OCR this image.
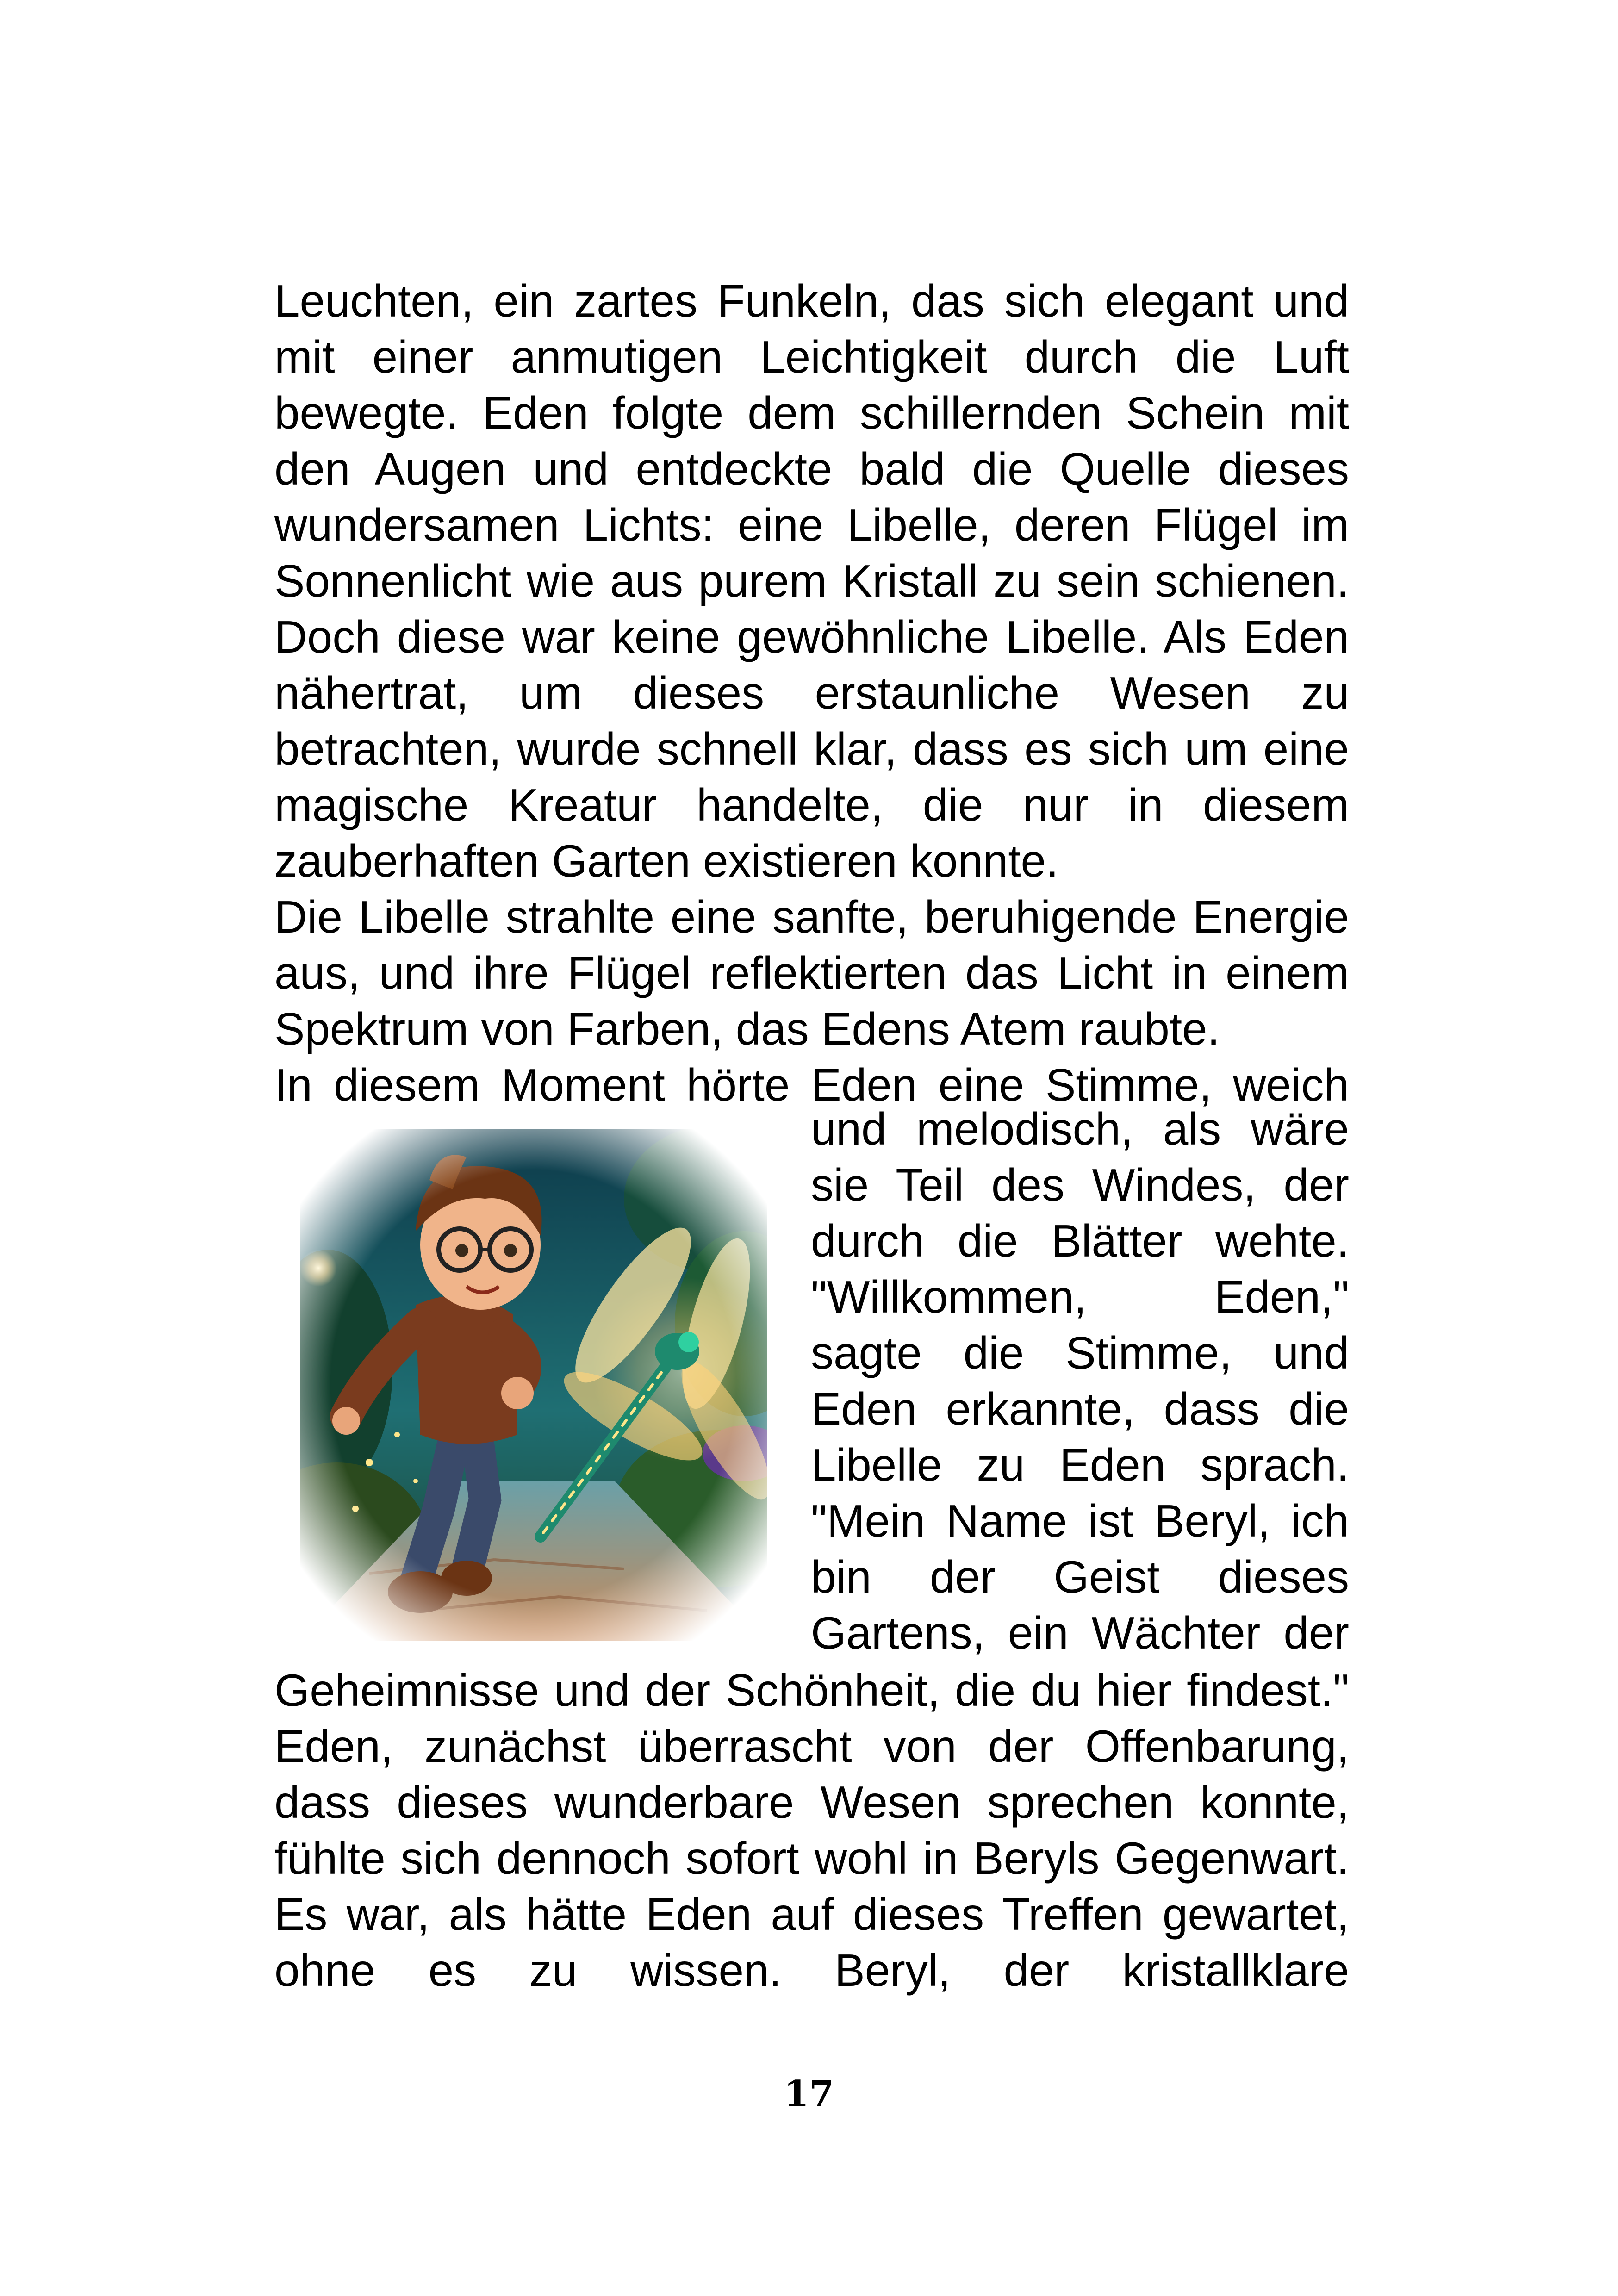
Leuchten, ein zartes Funkeln, das sich elegant und
mit einer anmutigen Leichtigkeit durch die Luft
bewegte. Eden folgte dem schillernden Schein mit
den Augen und entdeckte bald die Quelle dieses
wundersamen Lichts: eine Libelle, deren Flügel im
Sonnenlicht wie aus purem Kristall zu sein schienen.
Doch diese war keine gewöhnliche Libelle. Als Eden
nähertrat, um dieses erstaunliche Wesen zu
betrachten, wurde schnell klar, dass es sich um eine
magische Kreatur handelte, die nur in diesem
zauberhaften Garten existieren konnte.
Die Libelle strahlte eine sanfte, beruhigende Energie
aus, und ihre Flügel reflektierten das Licht in einem
Spektrum von Farben, das Edens Atem raubte.
In diesem Moment hörte Eden eine Stimme, weich
und melodisch, als wäre
sie Teil des Windes, der
durch die Blätter wehte.
"Willkommen, Eden,"
sagte die Stimme, und
Eden erkannte, dass die
Libelle zu Eden sprach.
"Mein Name ist Beryl, ich
bin der Geist dieses
Gartens, ein Wächter der
Geheimnisse und der Schönheit, die du hier findest."
Eden, zunächst überrascht von der Offenbarung,
dass dieses wunderbare Wesen sprechen konnte,
fühlte sich dennoch sofort wohl in Beryls Gegenwart.
Es war, als hätte Eden auf dieses Treffen gewartet,
ohne es zu wissen. Beryl, der kristallklare
17
